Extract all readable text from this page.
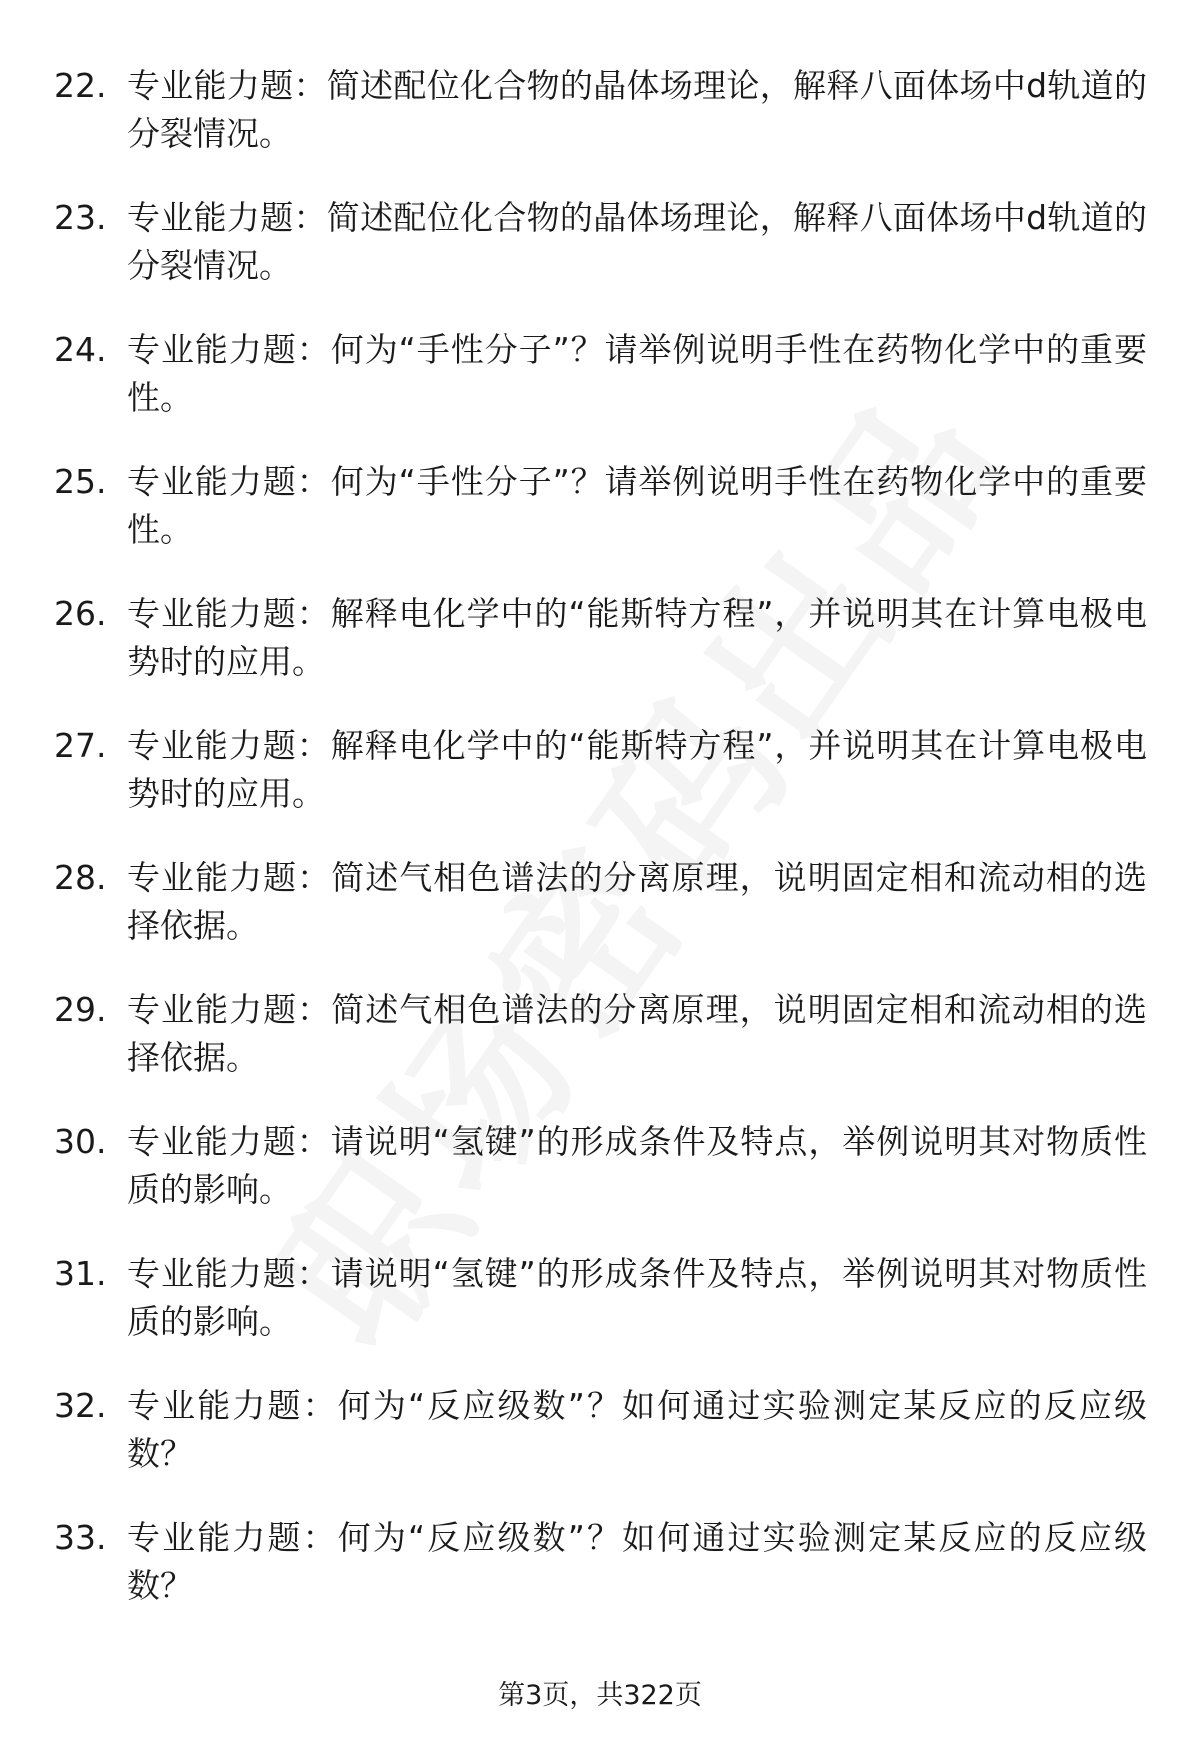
22. 专业能力题：简述配位化合物的晶体场理论，解释八面体场中d轨道的分裂情况。
23. 专业能力题：简述配位化合物的晶体场理论，解释八面体场中d轨道的分裂情况。
24. 专业能力题：何为“手性分子”？请举例说明手性在药物化学中的重要性。
25. 专业能力题：何为“手性分子”？请举例说明手性在药物化学中的重要性。
26. 专业能力题：解释电化学中的“能斯特方程”，并说明其在计算电极电势时的应用。
27. 专业能力题：解释电化学中的“能斯特方程”，并说明其在计算电极电势时的应用。
28. 专业能力题：简述气相色谱法的分离原理，说明固定相和流动相的选择依据。
29. 专业能力题：简述气相色谱法的分离原理，说明固定相和流动相的选择依据。
30. 专业能力题：请说明“氢键”的形成条件及特点，举例说明其对物质性质的影响。
31. 专业能力题：请说明“氢键”的形成条件及特点，举例说明其对物质性质的影响。
32. 专业能力题：何为“反应级数”？如何通过实验测定某反应的反应级数？
33. 专业能力题：何为“反应级数”？如何通过实验测定某反应的反应级数？
第3页，共322页
